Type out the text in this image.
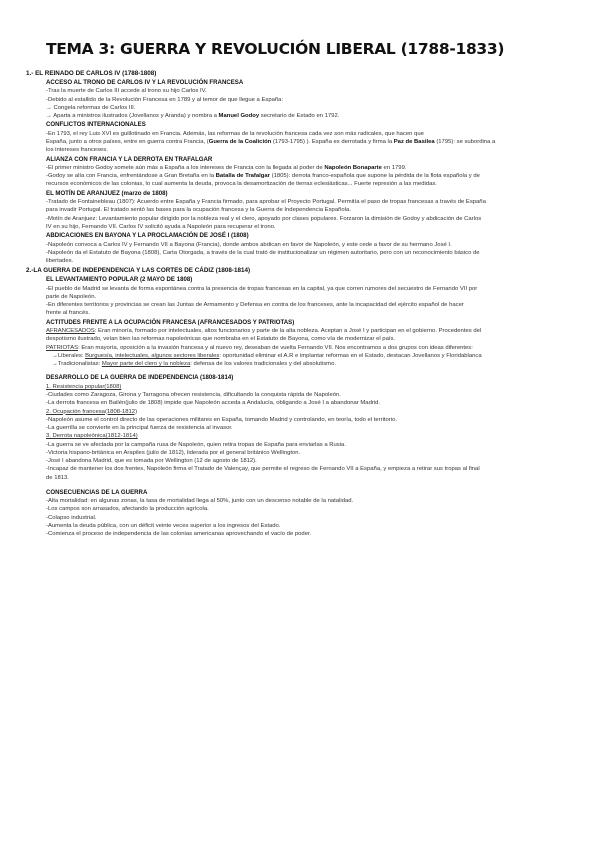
TEMA 3: GUERRA Y REVOLUCIÓN LIBERAL (1788-1833)
1.- EL REINADO DE CARLOS IV (1788-1808)
ACCESO AL TRONO DE CARLOS IV Y LA REVOLUCIÓN FRANCESA
-Tras la muerte de Carlos III accede al trono su hijo Carlos IV.
-Debido al estallido de la Revolución Francesa en 1789 y al temor de que llegue a España:
→ Congela reformas de Carlos III.
→ Aparta a ministros ilustrados (Jovellanos y Aranda) y nombra a Manuel Godoy secretario de Estado en 1792.
CONFLICTOS INTERNACIONALES
-En 1793, el rey Luis XVI es guillotinado en Francia. Además, las reformas de la revolución francesa cada vez son más radicales, que hacen que
España, junto a otros países, entre en guerra contra Francia, (Guerra de la Coalición (1793-1795) ). España es derrotada y firma la Paz de Basilea (1795): se subordina a
los intereses franceses.
ALIANZA CON FRANCIA Y LA DERROTA EN TRAFALGAR
-El primer ministro Godoy somete aún más a España a los intereses de Francia con la llegada al poder de Napoleón Bonaparte en 1799.
-Godoy se alía con Francia, enfrentándose a Gran Bretaña en la Batalla de Trafalgar (1805): derrota franco-española que supone la pérdida de la flota española y de
recursos económicos de las colonias, lo cual aumenta la deuda, provoca la desamortización de tierras eclesiásticas... Fuerte represión a las medidas.
EL MOTÍN DE ARANJUEZ (marzo de 1808)
-Tratado de Fontainebleau (1807): Acuerdo entre España y Francia firmado, para aprobar el Proyecto Portugal. Permitía el paso de tropas francesas a través de España
para invadir Portugal. El tratado sentó las bases para la ocupación francesa y la Guerra de Independencia Española.
-Motín de Aranjuez: Levantamiento popular dirigido por la nobleza real y el clero, apoyado por clases populares. Forzaron la dimisión de Godoy y abdicación de Carlos
IV en su hijo, Fernando VII. Carlos IV solicitó ayuda a Napoleón para recuperar el trono.
ABDICACIONES EN BAYONA Y LA PROCLAMACIÓN DE JOSÉ I (1808)
-Napoleón convoca a Carlos IV y Fernando VII a Bayona (Francia), donde ambos abdican en favor de Napoleón, y este cede a favor de su hermano José I.
-Napoleón da el Estatuto de Bayona (1808), Carta Otorgada, a través de la cual trató de institucionalizar un régimen autoritario, pero con un reconocimiento básico de
libertades.
2.-LA GUERRA DE INDEPENDENCIA Y LAS CORTES DE CÁDIZ (1808-1814)
EL LEVANTAMIENTO POPULAR (2 MAYO DE 1808)
-El pueblo de Madrid se levanta de forma espontánea contra la presencia de tropas francesas en la capital, ya que corren rumores del secuestro de Fernando VII por
parte de Napoleón.
-En diferentes territorios y provincias se crean las Juntas de Armamento y Defensa en contra de los franceses, ante la incapacidad del ejército español de hacer
frente al francés.
ACTITUDES FRENTE A LA OCUPACIÓN FRANCESA (AFRANCESADOS Y PATRIOTAS)
AFRANCESADOS: Eran minoría, formado por intelectuales, altos funcionarios y parte de la alta nobleza. Aceptan a José I y participan en el gobierno. Procedentes del
despotismo ilustrado, veían bien las reformas napoleónicas que nombraba en el Estatuto de Bayona, como vía de modernizar el país.
PATRIOTAS: Eran mayoría, oposición a la invasión francesa y al nuevo rey, deseaban de vuelta Fernando VII. Nos encontramos a dos grupos con ideas diferentes:
→Liberales: Burguesía, intelectuales, algunos sectores liberales: oportunidad eliminar el A.R e implantar reformas en el Estado, destacan Jovellanos y Floridablanca
→Tradicionalistas: Mayor parte del clero y la nobleza: defensa de los valores tradicionales y del absolutismo.
DESARROLLO DE LA GUERRA DE INDEPENDENCIA (1808-1814)
1. Resistencia popular(1808)
-Ciudades como Zaragoza, Girona y Tarragona ofrecen resistencia, dificultando la conquista rápida de Napoleón.
-La derrota francesa en Bailén(julio de 1808) impide que Napoleón acceda a Andalucía, obligando a José I a abandonar Madrid.
2. Ocupación francesa(1808-1812)
-Napoleón asume el control directo de las operaciones militares en España, tomando Madrid y controlando, en teoría, todo el territorio.
-La guerrilla se convierte en la principal fuerza de resistencia al invasor.
3. Derrota napoleónica(1812-1814)
-La guerra se ve afectada por la campaña rusa de Napoleón, quien retira tropas de España para enviarlas a Rusia.
-Victoria hispano-británica en Arapiles (julio de 1812), liderada por el general británico Wellington.
-José I abandona Madrid, que es tomada por Wellington (12 de agosto de 1812).
-Incapaz de mantener los dos frentes, Napoleón firma el Tratado de Valençay, que permite el regreso de Fernando VII a España, y empieza a retirar sus tropas al final
de 1813.
CONSECUENCIAS DE LA GUERRA
-Alta mortalidad: en algunas zonas, la tasa de mortalidad llega al 50%, junto con un descenso notable de la natalidad.
-Los campos son arrasados, afectando la producción agrícola.
-Colapso industrial.
-Aumenta la deuda pública, con un déficit veinte veces superior a los ingresos del Estado.
-Comienza el proceso de independencia de las colonias americanas aprovechando el vacío de poder.
